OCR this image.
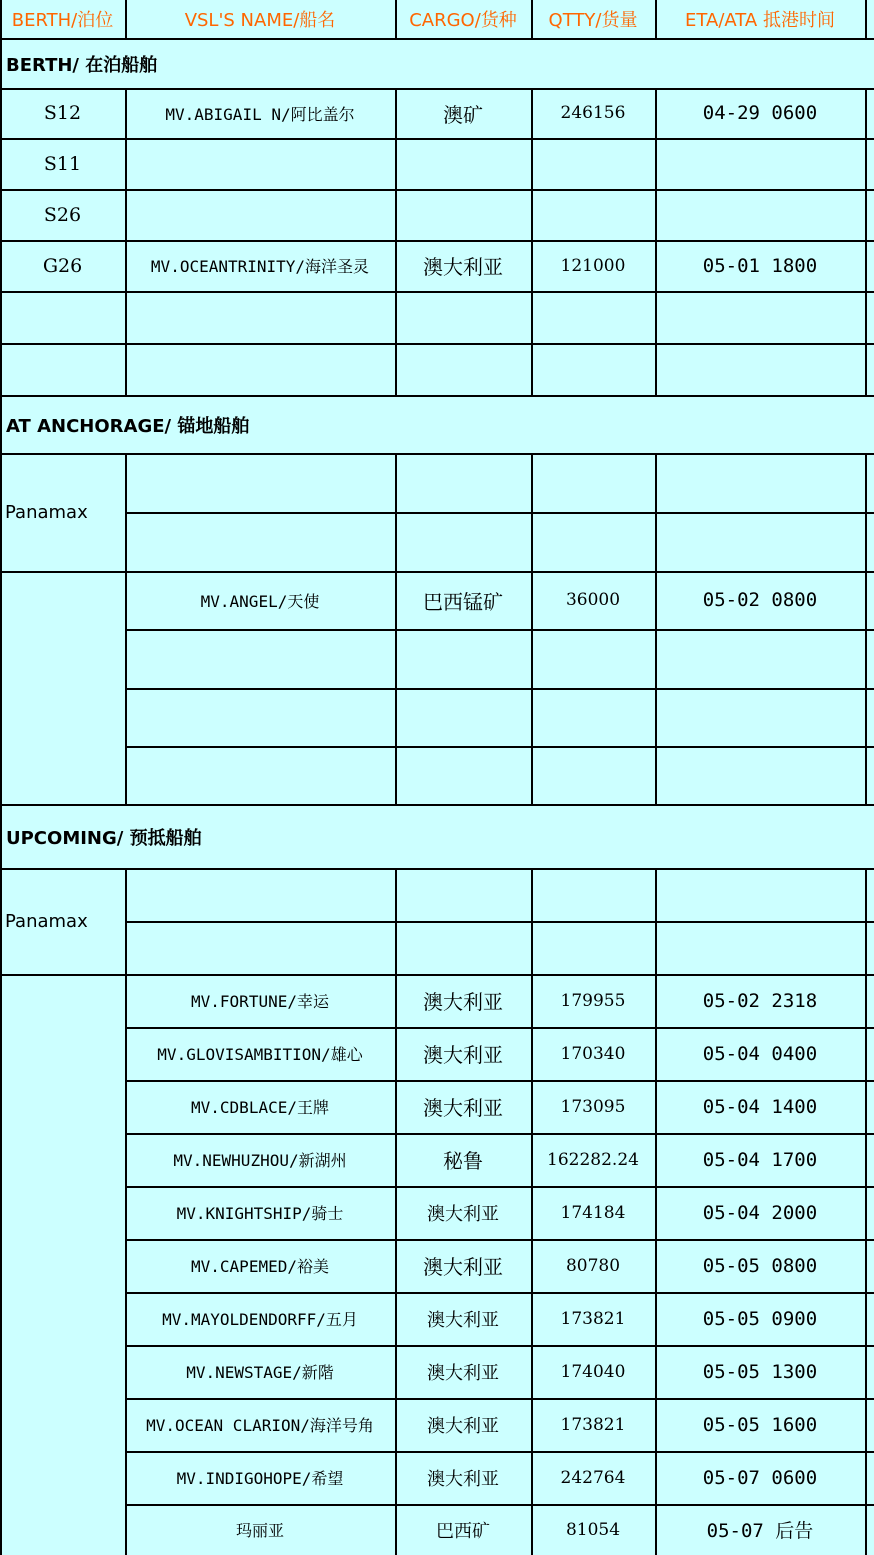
BERTH/泊位	VSL'S NAME/船名	CARGO/货种	QTTY/货量	ETA/ATA 抵港时间
BERTH/ 在泊船舶
S12	MV.ABIGAIL N/阿比盖尔	澳矿	246156	04-29 0600
S11
S26
G26	MV.OCEANTRINITY/海洋圣灵	澳大利亚	121000	05-01 1800
AT ANCHORAGE/ 锚地船舶
Panamax
MV.ANGEL/天使	巴西锰矿	36000	05-02 0800
UPCOMING/ 预抵船舶
Panamax
MV.FORTUNE/幸运	澳大利亚	179955	05-02 2318
MV.GLOVISAMBITION/雄心	澳大利亚	170340	05-04 0400
MV.CDBLACE/王牌	澳大利亚	173095	05-04 1400
MV.NEWHUZHOU/新湖州	秘鲁	162282.24	05-04 1700
MV.KNIGHTSHIP/骑士	澳大利亚	174184	05-04 2000
MV.CAPEMED/裕美	澳大利亚	80780	05-05 0800
MV.MAYOLDENDORFF/五月	澳大利亚	173821	05-05 0900
MV.NEWSTAGE/新階	澳大利亚	174040	05-05 1300
MV.OCEAN CLARION/海洋号角	澳大利亚	173821	05-05 1600
MV.INDIGOHOPE/希望	澳大利亚	242764	05-07 0600
玛丽亚	巴西矿	81054	05-07 后告
